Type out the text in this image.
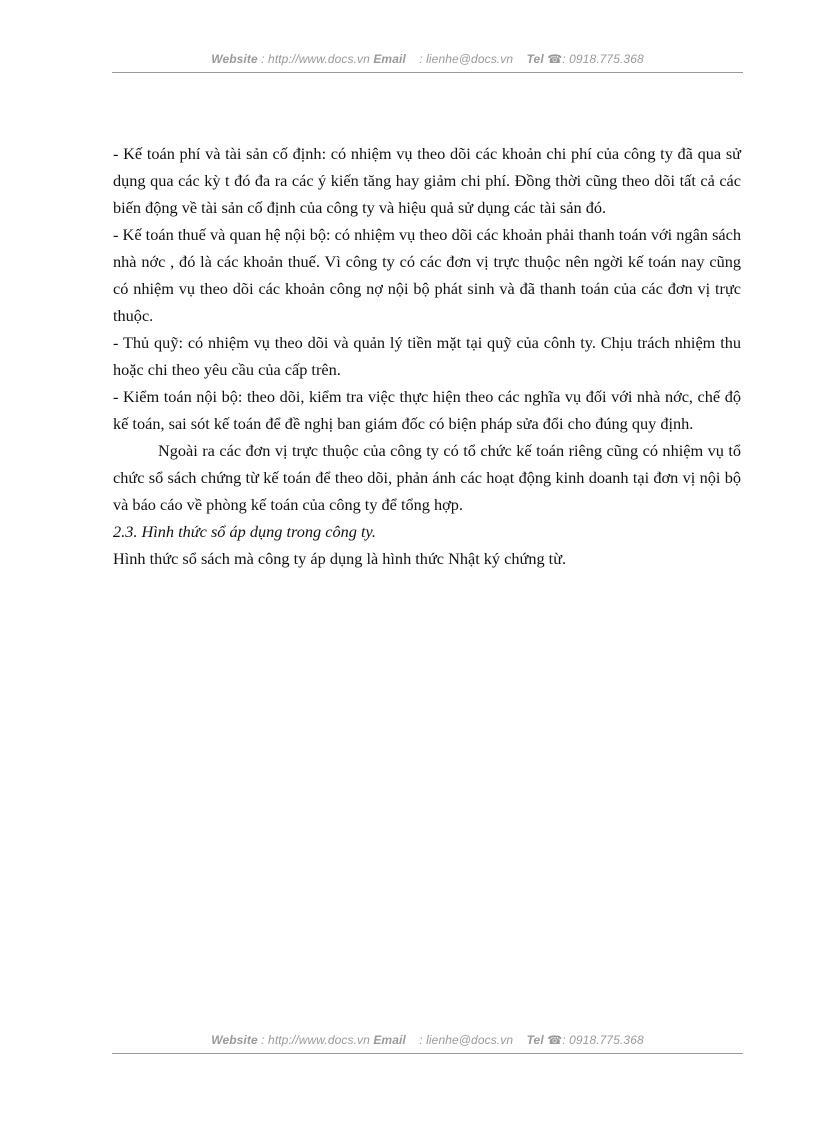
Website : http://www.docs.vn Email : lienhe@docs.vn Tel ☎: 0918.775.368

- Kế toán phí và tài sản cố định: có nhiệm vụ theo dõi các khoản chi phí của công ty đã qua sử dụng qua các kỳ t đó đa ra các ý kiến tăng hay giảm chi phí. Đồng thời cũng theo dõi tất cả các biến động về tài sản cố định của công ty và hiệu quả sử dụng các tài sản đó.

- Kế toán thuế và quan hệ nội bộ: có nhiệm vụ theo dõi các khoản phải thanh toán với ngân sách nhà nớc , đó là các khoản thuế. Vì công ty có các đơn vị trực thuộc nên ngời kế toán nay cũng có nhiệm vụ theo dõi các khoản công nợ nội bộ phát sinh và đã thanh toán của các đơn vị trực thuộc.

- Thủ quỹ: có nhiệm vụ theo dõi và quản lý tiền mặt tại quỹ của cônh ty. Chịu trách nhiệm thu hoặc chi theo yêu cầu của cấp trên.

- Kiểm toán nội bộ: theo dõi, kiểm tra việc thực hiện theo các nghĩa vụ đối với nhà nớc, chế độ kế toán, sai sót kế toán để đề nghị ban giám đốc có biện pháp sửa đổi cho đúng quy định.

Ngoài ra các đơn vị trực thuộc của công ty có tổ chức kế toán riêng cũng có nhiệm vụ tổ chức sổ sách chứng từ kế toán để theo dõi, phản ánh các hoạt động kinh doanh tại đơn vị nội bộ và báo cáo về phòng kế toán của công ty để tổng hợp.

2.3. Hình thức sổ áp dụng trong công ty.

Hình thức sổ sách mà công ty áp dụng là hình thức Nhật ký chứng từ.

Website : http://www.docs.vn Email : lienhe@docs.vn Tel ☎: 0918.775.368
